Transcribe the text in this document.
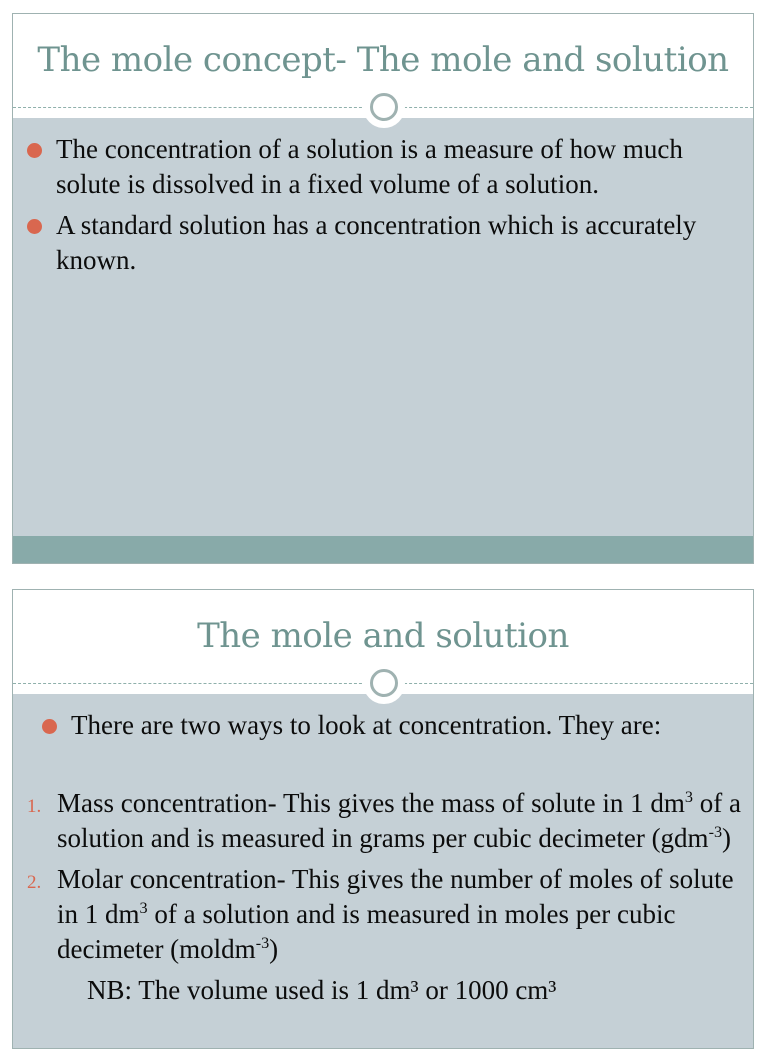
The mole concept- The mole and solution
The concentration of a solution is a measure of how much solute is dissolved in a fixed volume of a solution.
A standard solution has a concentration which is accurately known.
The mole and solution
There are two ways to look at concentration. They are:
1. Mass concentration- This gives the mass of solute in 1 $dm^3$ of a solution and is measured in grams per cubic decimeter (gdm$^{-3}$)
2. Molar concentration- This gives the number of moles of solute in 1 $dm^3$ of a solution and is measured in moles per cubic decimeter (moldm$^{-3}$)
NB: The volume used is 1 dm³ or 1000 cm³
